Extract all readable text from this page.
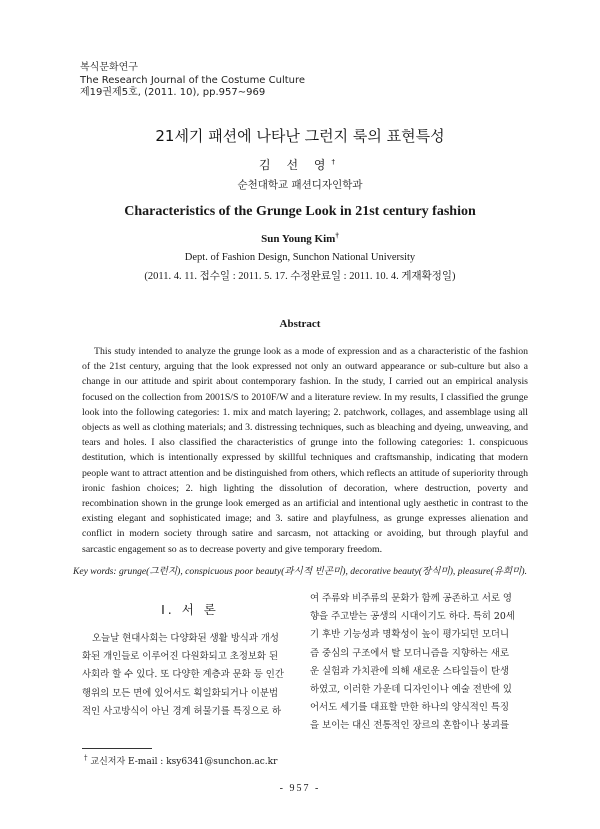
복식문화연구
The Research Journal of the Costume Culture
제19권제5호, (2011. 10), pp.957∼969
21세기 패션에 나타난 그런지 룩의 표현특성
김 선 영†
순천대학교 패션디자인학과
Characteristics of the Grunge Look in 21st century fashion
Sun Young Kim†
Dept. of Fashion Design, Sunchon National University
(2011. 4. 11. 접수일 : 2011. 5. 17. 수정완료일 : 2011. 10. 4. 게재확정일)
Abstract
This study intended to analyze the grunge look as a mode of expression and as a characteristic of the fashion of the 21st century, arguing that the look expressed not only an outward appearance or sub-culture but also a change in our attitude and spirit about contemporary fashion. In the study, I carried out an empirical analysis focused on the collection from 2001S/S to 2010F/W and a literature review. In my results, I classified the grunge look into the following categories: 1. mix and match layering; 2. patchwork, collages, and assemblage using all objects as well as clothing materials; and 3. distressing techniques, such as bleaching and dyeing, unweaving, and tears and holes. I also classified the characteristics of grunge into the following categories: 1. conspicuous destitution, which is intentionally expressed by skillful techniques and craftsmanship, indicating that modern people want to attract attention and be distinguished from others, which reflects an attitude of superiority through ironic fashion choices; 2. high lighting the dissolution of decoration, where destruction, poverty and recombination shown in the grunge look emerged as an artificial and intentional ugly aesthetic in contrast to the existing elegant and sophisticated image; and 3. satire and playfulness, as grunge expresses alienation and conflict in modern society through satire and sarcasm, not attacking or avoiding, but through playful and sarcastic engagement so as to decrease poverty and give temporary freedom.
Key words: grunge(그런지), conspicuous poor beauty(과시적 빈곤미), decorative beauty(장식미), pleasure(유희미).
Ⅰ. 서 론
오늘날 현대사회는 다양화된 생활 방식과 개성
화된 개인들로 이루어진 다원화되고 초정보화 된
사회라 할 수 있다. 또 다양한 계층과 문화 등 인간
행위의 모든 면에 있어서도 획일화되거나 이분법
적인 사고방식이 아닌 경계 허물기를 특징으로 하
여 주류와 비주류의 문화가 함께 공존하고 서로 영
향을 주고받는 공생의 시대이기도 하다. 특히 20세
기 후반 기능성과 명확성이 높이 평가되던 모더니
즘 중심의 구조에서 탈 모더니즘을 지향하는 새로
운 실험과 가치관에 의해 새로운 스타일들이 탄생
하였고, 이러한 가운데 디자인이나 예술 전반에 있
어서도 세기를 대표할 만한 하나의 양식적인 특징
을 보이는 대신 전통적인 장르의 혼합이나 붕괴를
† 교신저자 E-mail : ksy6341@sunchon.ac.kr
- 957 -
